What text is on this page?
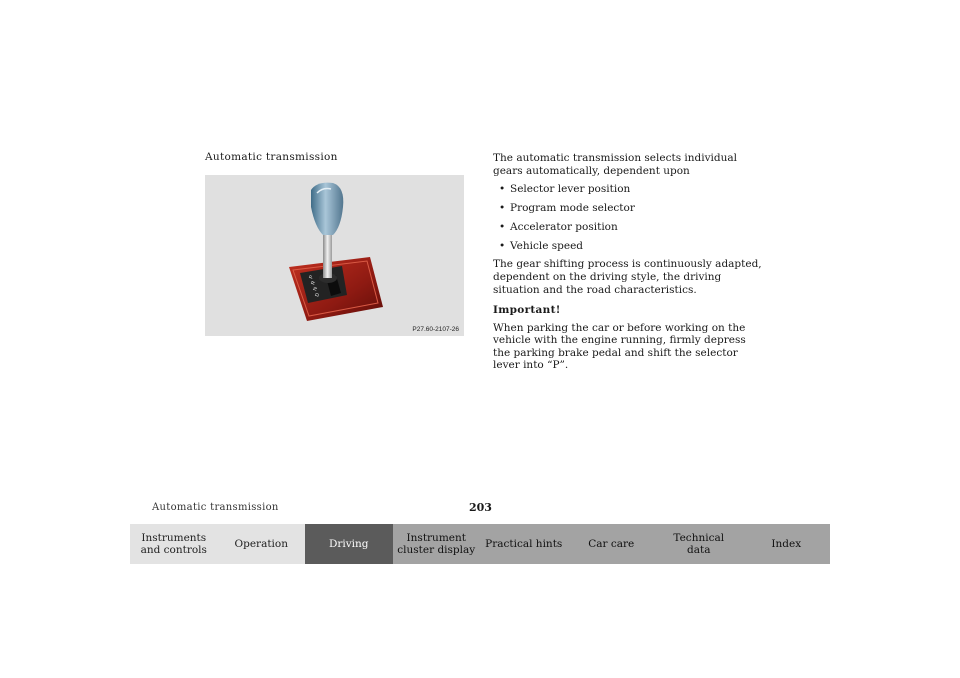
Automatic transmission
P
R
N
D
P27.60-2107-26

The automatic transmission selects individual gears automatically, dependent upon

• Selector lever position
• Program mode selector
• Accelerator position
• Vehicle speed

The gear shifting process is continuously adapted, dependent on the driving style, the driving situation and the road characteristics.

Important!

When parking the car or before working on the vehicle with the engine running, firmly depress the parking brake pedal and shift the selector lever into “P”.

Automatic transmission	203
Instruments
and controls
Operation	Driving
Instrument
cluster display
Practical hints Car care
Technical
data
Index
